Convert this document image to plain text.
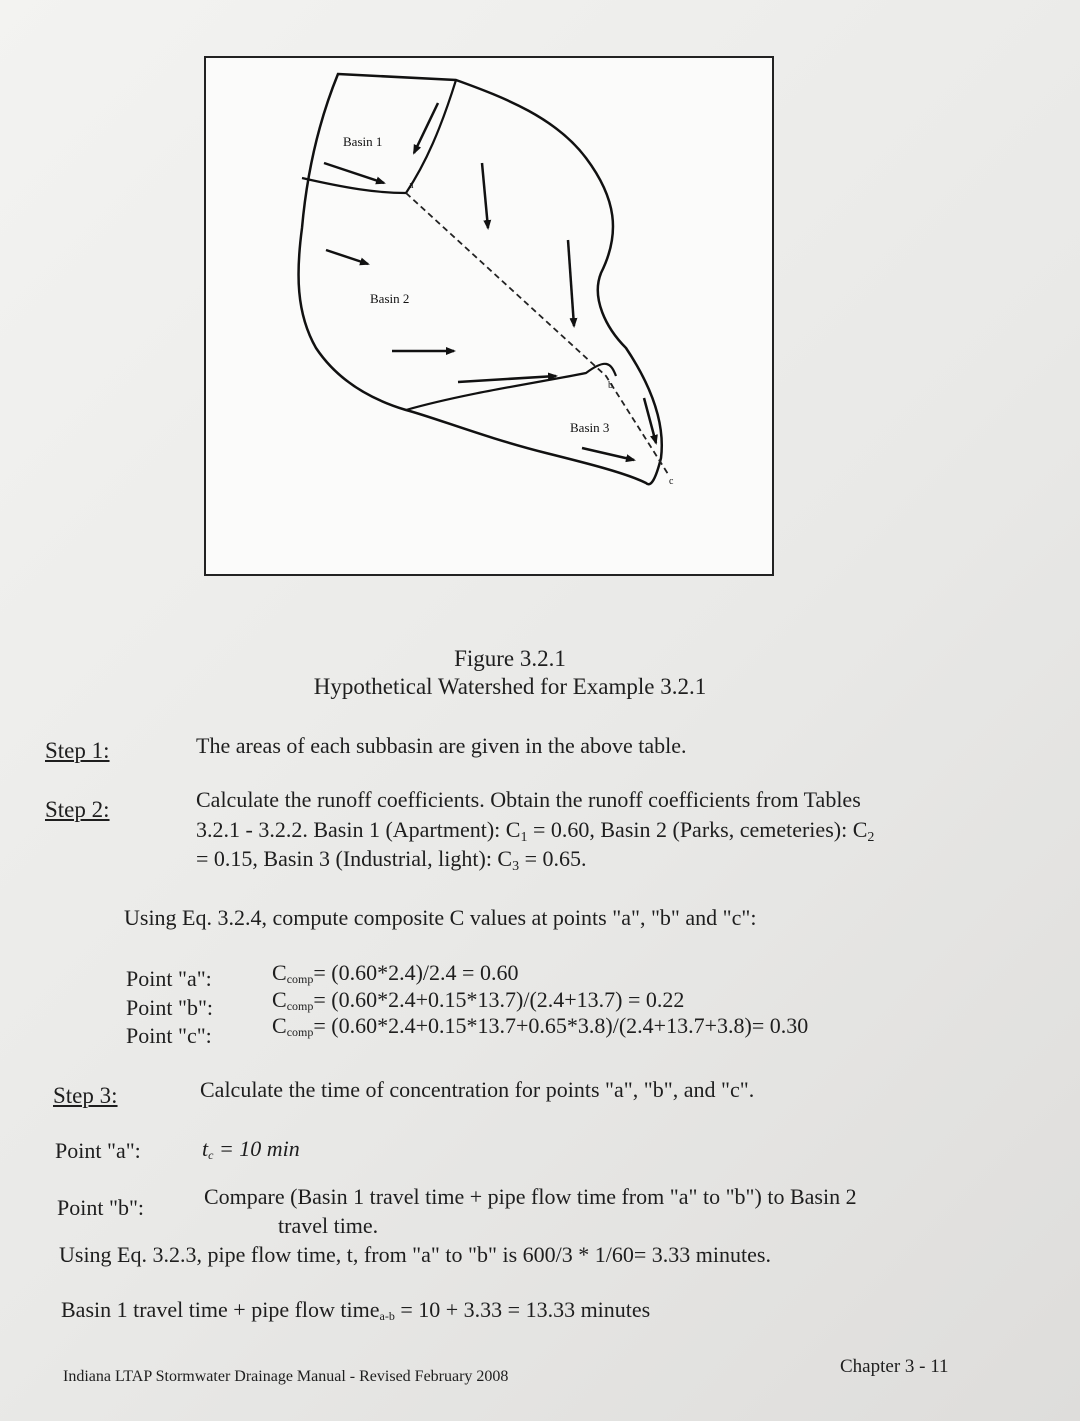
Basin 1
Basin 2
Basin 3
a
b
c
Figure 3.2.1
Hypothetical Watershed for Example 3.2.1
Step 1:	The areas of each subbasin are given in the above table.
Step 2:	Calculate the runoff coefficients. Obtain the runoff coefficients from Tables
3.2.1 - 3.2.2. Basin 1 (Apartment): $C_1 = 0.60$, Basin 2 (Parks, cemeteries): $C_2$
= 0.15, Basin 3 (Industrial, light): $C_3 = 0.65$.
Using Eq. 3.2.4, compute composite C values at points "a", "b" and "c":
Point "a":	Ccomp= (0.60*2.4)/2.4 = 0.60
Point "b":	Ccomp= (0.60*2.4+0.15*13.7)/(2.4+13.7) = 0.22
Point "c":	Ccomp= (0.60*2.4+0.15*13.7+0.65*3.8)/(2.4+13.7+3.8)= 0.30
Step 3:	Calculate the time of concentration for points "a", "b", and "c".
Point "a":	tc = 10 min
Point "b":	Compare (Basin 1 travel time + pipe flow time from "a" to "b") to Basin 2
travel time.
Using Eq. 3.2.3, pipe flow time, t, from "a" to "b" is 600/3 * 1/60= 3.33 minutes.
Basin 1 travel time + pipe flow timea-b = 10 + 3.33 = 13.33 minutes
Indiana LTAP Stormwater Drainage Manual - Revised February 2008	Chapter 3 - 11
